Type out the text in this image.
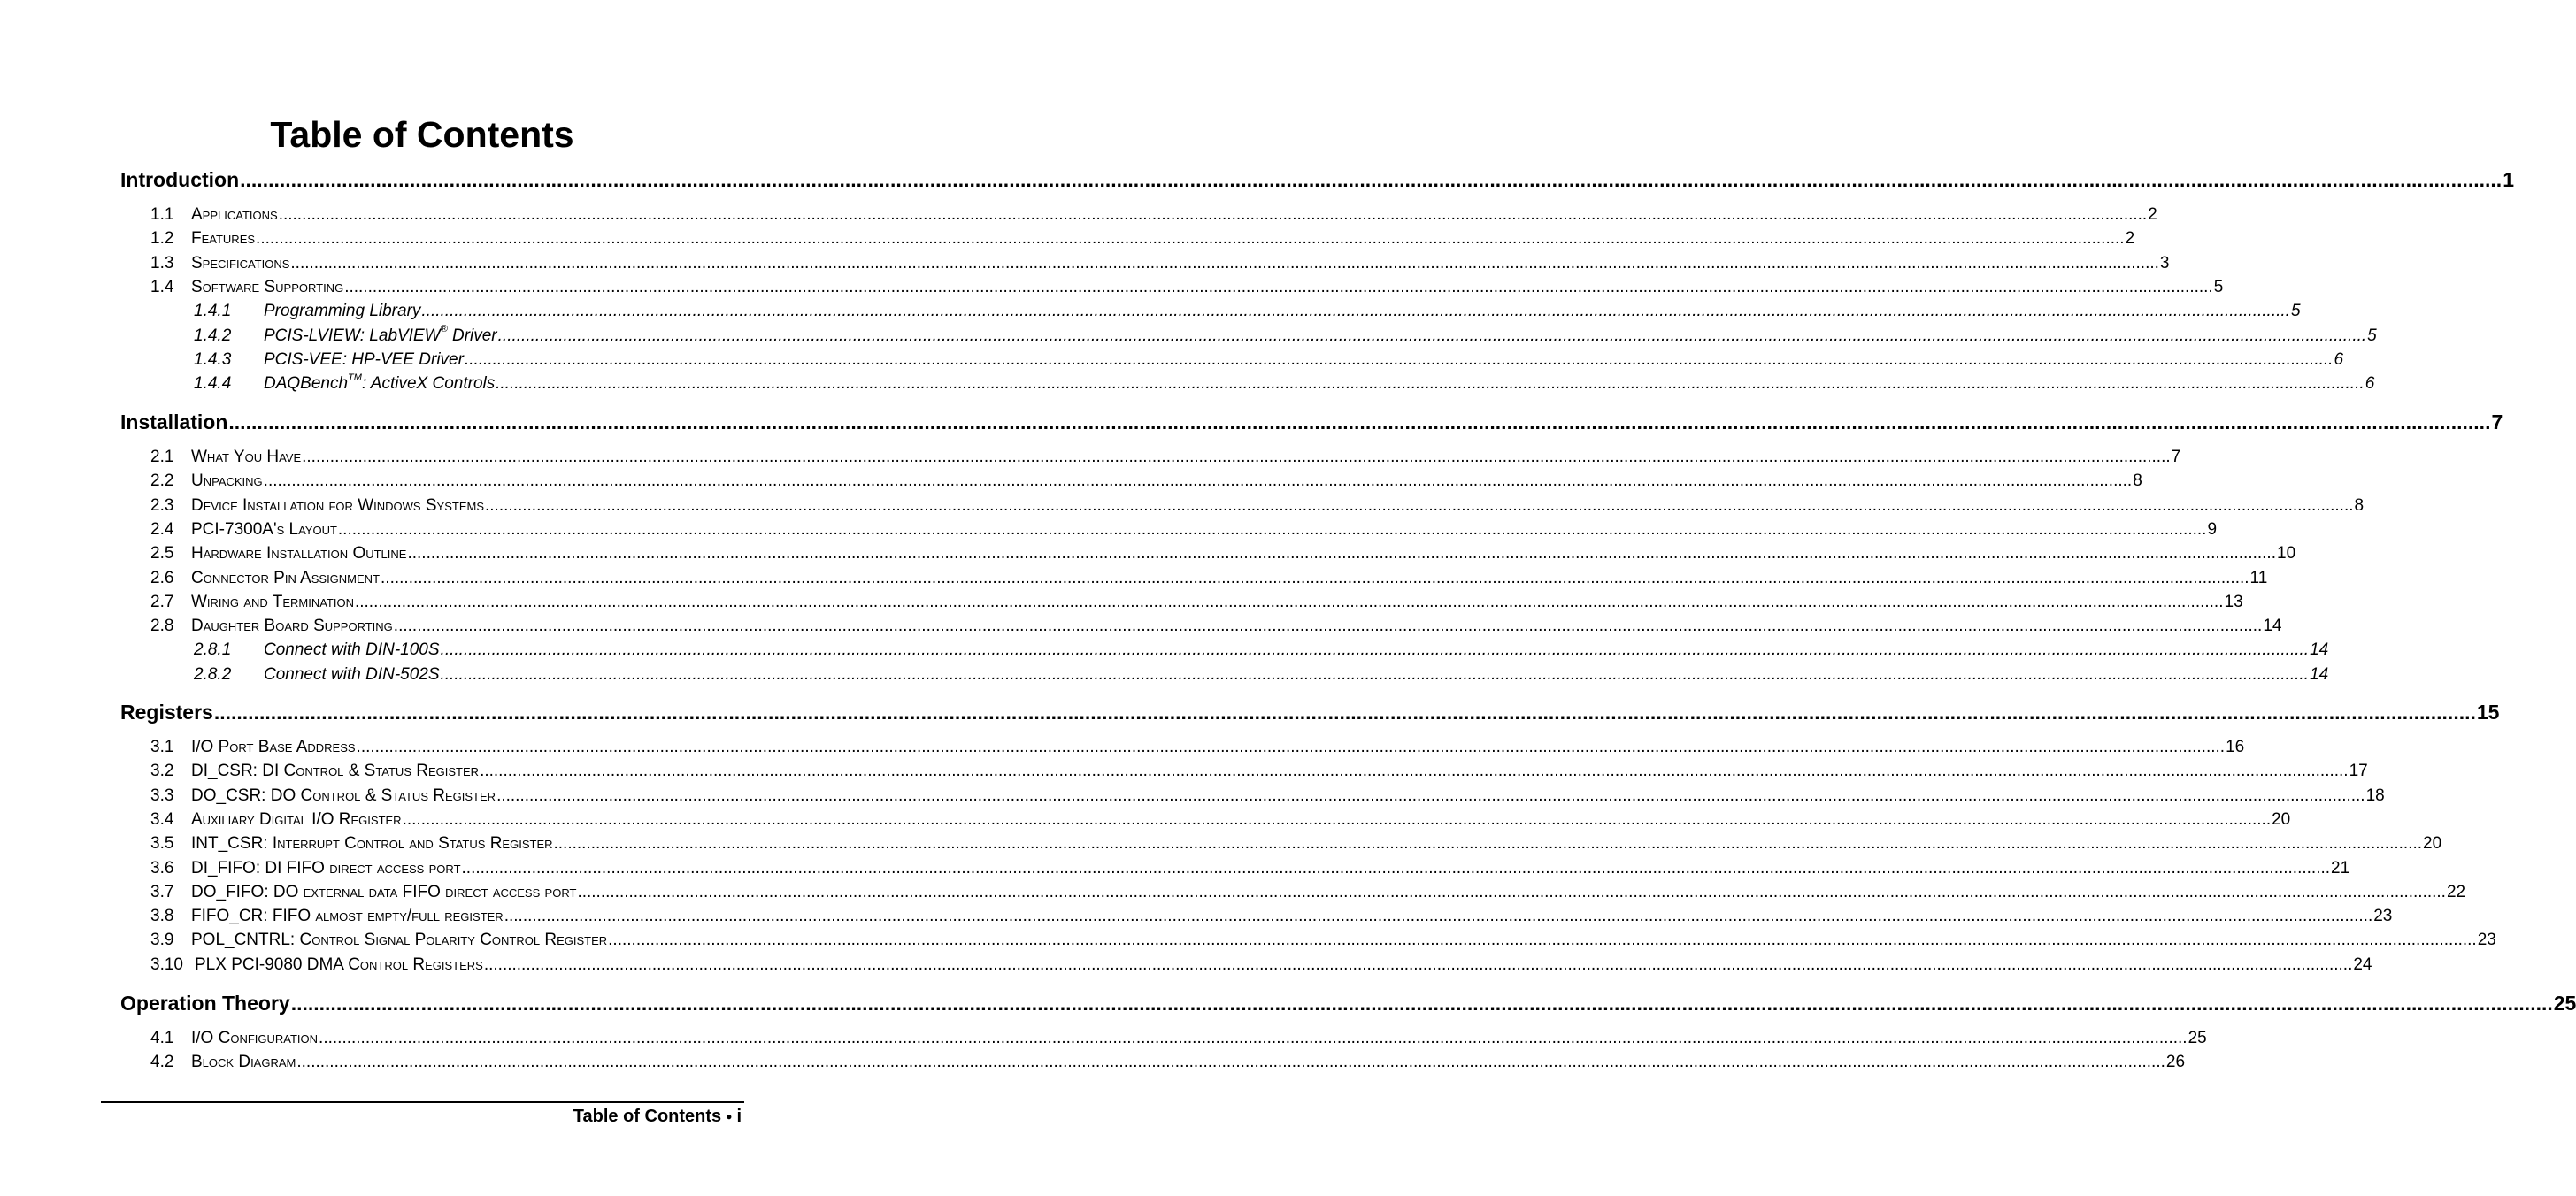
Table of Contents
Introduction ................................................................................................................................................................................................................................................................................................................................................................................................................ 1
1.1	Applications ................................................................................................................................................................................................................................................................................................................................................................................................................ 2
1.2	Features ................................................................................................................................................................................................................................................................................................................................................................................................................ 2
1.3	Specifications ................................................................................................................................................................................................................................................................................................................................................................................................................ 3
1.4	Software Supporting ................................................................................................................................................................................................................................................................................................................................................................................................................ 5
1.4.1	Programming Library ................................................................................................................................................................................................................................................................................................................................................................................................................ 5
1.4.2	PCIS-LVIEW: LabVIEW® Driver ................................................................................................................................................................................................................................................................................................................................................................................................................ 5
1.4.3	PCIS-VEE: HP-VEE Driver ................................................................................................................................................................................................................................................................................................................................................................................................................ 6
1.4.4	DAQBench™: ActiveX Controls ................................................................................................................................................................................................................................................................................................................................................................................................................ 6
Installation ................................................................................................................................................................................................................................................................................................................................................................................................................ 7
2.1	What You Have ................................................................................................................................................................................................................................................................................................................................................................................................................ 7
2.2	Unpacking ................................................................................................................................................................................................................................................................................................................................................................................................................ 8
2.3	Device Installation for Windows Systems ................................................................................................................................................................................................................................................................................................................................................................................................................ 8
2.4	PCI-7300A's Layout ................................................................................................................................................................................................................................................................................................................................................................................................................ 9
2.5	Hardware Installation Outline ................................................................................................................................................................................................................................................................................................................................................................................................................ 10
2.6	Connector Pin Assignment ................................................................................................................................................................................................................................................................................................................................................................................................................ 11
2.7	Wiring and Termination ................................................................................................................................................................................................................................................................................................................................................................................................................ 13
2.8	Daughter Board Supporting ................................................................................................................................................................................................................................................................................................................................................................................................................ 14
2.8.1	Connect with DIN-100S ................................................................................................................................................................................................................................................................................................................................................................................................................ 14
2.8.2	Connect with DIN-502S ................................................................................................................................................................................................................................................................................................................................................................................................................ 14
Registers ................................................................................................................................................................................................................................................................................................................................................................................................................ 15
3.1	I/O Port Base Address ................................................................................................................................................................................................................................................................................................................................................................................................................ 16
3.2	DI_CSR: DI Control & Status Register ................................................................................................................................................................................................................................................................................................................................................................................................................ 17
3.3	DO_CSR: DO Control & Status Register ................................................................................................................................................................................................................................................................................................................................................................................................................ 18
3.4	Auxiliary Digital I/O Register ................................................................................................................................................................................................................................................................................................................................................................................................................ 20
3.5	INT_CSR: Interrupt Control and Status Register ................................................................................................................................................................................................................................................................................................................................................................................................................ 20
3.6	DI_FIFO: DI FIFO direct access port ................................................................................................................................................................................................................................................................................................................................................................................................................ 21
3.7	DO_FIFO: DO external data FIFO direct access port ................................................................................................................................................................................................................................................................................................................................................................................................................ 22
3.8	FIFO_CR: FIFO almost empty/full register ................................................................................................................................................................................................................................................................................................................................................................................................................ 23
3.9	POL_CNTRL: Control Signal Polarity Control Register ................................................................................................................................................................................................................................................................................................................................................................................................................ 23
3.10 PLX PCI-9080 DMA Control Registers ................................................................................................................................................................................................................................................................................................................................................................................................................ 24
Operation Theory ................................................................................................................................................................................................................................................................................................................................................................................................................ 25
4.1	I/O Configuration ................................................................................................................................................................................................................................................................................................................................................................................................................ 25
4.2	Block Diagram ................................................................................................................................................................................................................................................................................................................................................................................................................ 26
Table of Contents ● i
